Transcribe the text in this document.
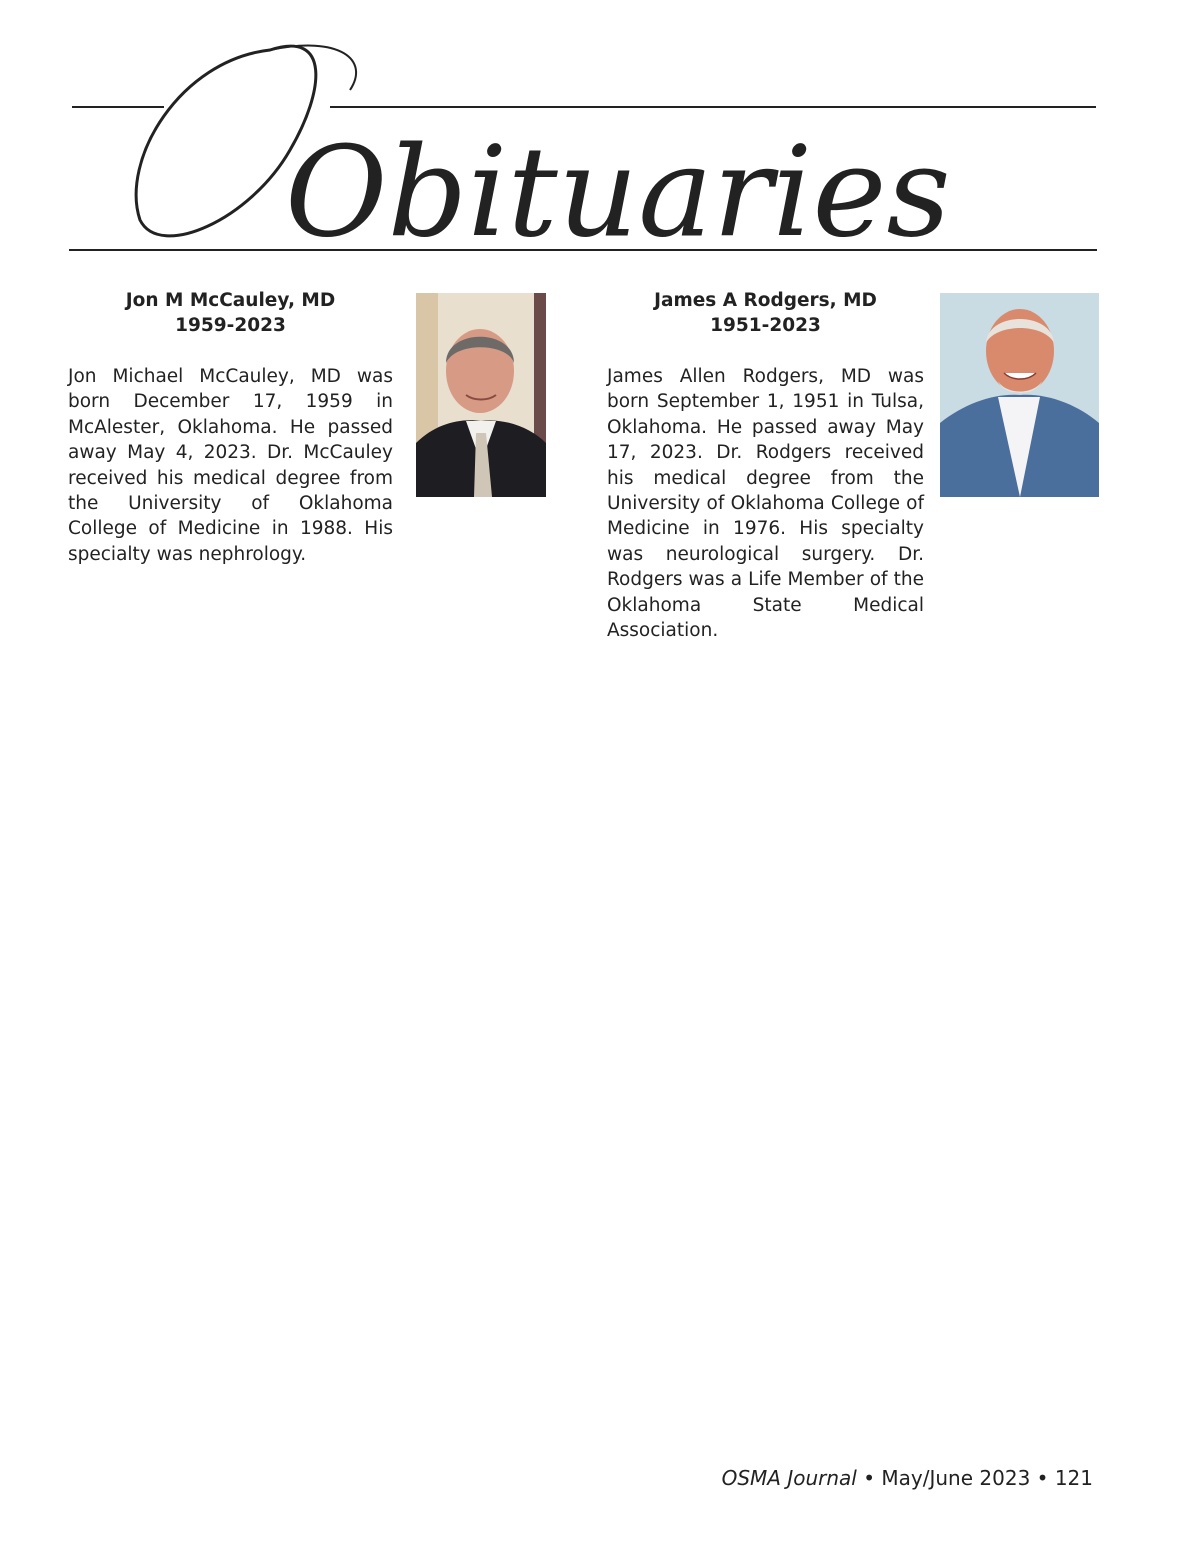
Obituaries

Jon M McCauley, MD

1959-2023

Jon Michael McCauley, MD was born December 17, 1959 in McAlester, Oklahoma. He passed away May 4, 2023. Dr. McCauley received his medical degree from the University of Oklahoma College of Medicine in 1988. His specialty was nephrology.

James A Rodgers, MD

1951-2023

James Allen Rodgers, MD was born September 1, 1951 in Tulsa, Oklahoma. He passed away May 17, 2023. Dr. Rodgers received his medical degree from the University of Oklahoma College of Medicine in 1976. His specialty was neurological surgery. Dr. Rodgers was a Life Member of the Oklahoma State Medical Association.

OSMA Journal • May/June 2023 • 121
